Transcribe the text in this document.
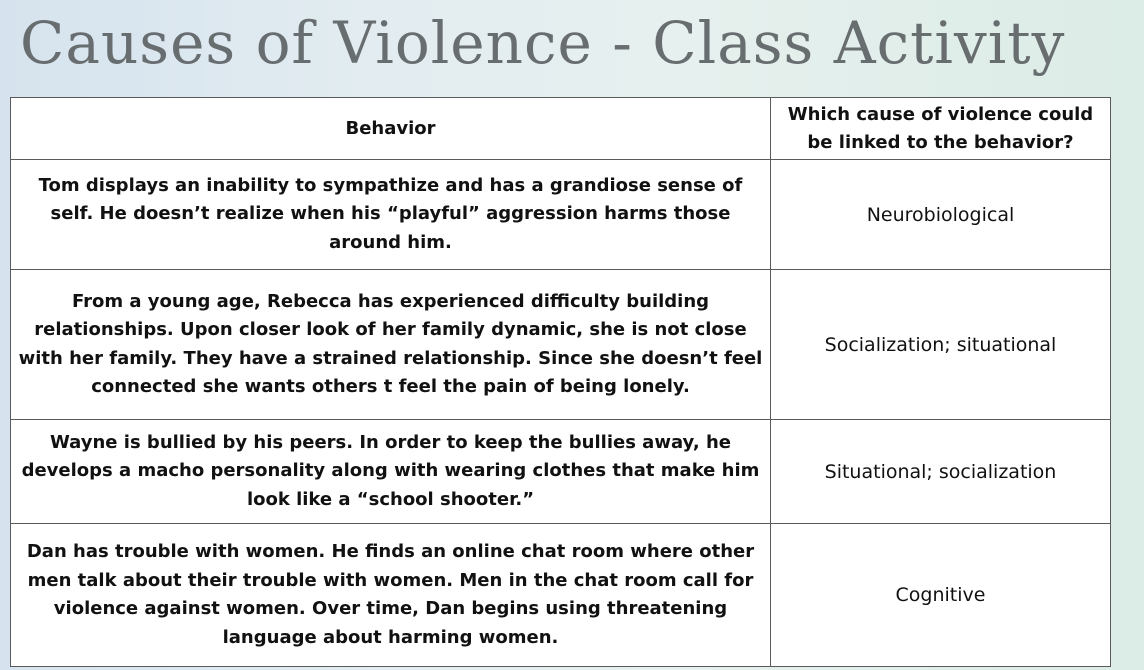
Causes of Violence - Class Activity
Behavior	Which cause of violence could be linked to the behavior?
Tom displays an inability to sympathize and has a grandiose sense of self. He doesn’t realize when his “playful” aggression harms those around him.	Neurobiological
From a young age, Rebecca has experienced difficulty building relationships. Upon closer look of her family dynamic, she is not close with her family. They have a strained relationship. Since she doesn’t feel connected she wants others t feel the pain of being lonely.	Socialization; situational
Wayne is bullied by his peers. In order to keep the bullies away, he develops a macho personality along with wearing clothes that make him look like a “school shooter.”	Situational; socialization
Dan has trouble with women. He finds an online chat room where other men talk about their trouble with women. Men in the chat room call for violence against women. Over time, Dan begins using threatening language about harming women.	Cognitive
